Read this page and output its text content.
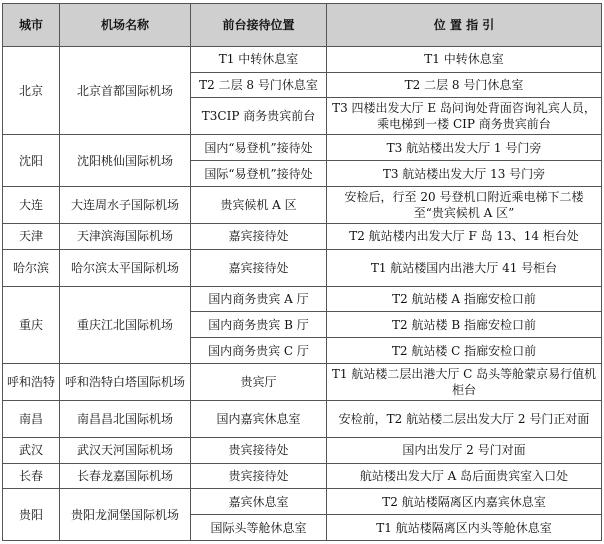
城市	机场名称	前台接待位置	位 置 指 引
北京	北京首都国际机场	T1 中转休息室	T1 中转休息室
		T2 二层 8 号门休息室	T2 二层 8 号门休息室
		T3CIP 商务贵宾前台	T3 四楼出发大厅 E 岛问询处背面咨询礼宾人员，乘电梯到一楼 CIP 商务贵宾前台
沈阳	沈阳桃仙国际机场	国内“易登机”接待处	T3 航站楼出发大厅 1 号门旁
		国际“易登机”接待处	T3 航站楼出发大厅 13 号门旁
大连	大连周水子国际机场	贵宾候机 A 区	安检后，行至 20 号登机口附近乘电梯下二楼至“贵宾候机 A 区”
天津	天津滨海国际机场	嘉宾接待处	T2 航站楼内出发大厅 F 岛 13、14 柜台处
哈尔滨	哈尔滨太平国际机场	嘉宾接待处	T1 航站楼国内出港大厅 41 号柜台
重庆	重庆江北国际机场	国内商务贵宾 A 厅	T2 航站楼 A 指廊安检口前
		国内商务贵宾 B 厅	T2 航站楼 B 指廊安检口前
		国内商务贵宾 C 厅	T2 航站楼 C 指廊安检口前
呼和浩特	呼和浩特白塔国际机场	贵宾厅	T1 航站楼二层出港大厅 C 岛头等舱蒙京易行值机柜台
南昌	南昌昌北国际机场	国内嘉宾休息室	安检前，T2 航站楼二层出发大厅 2 号门正对面
武汉	武汉天河国际机场	贵宾接待处	国内出发厅 2 号门对面
长春	长春龙嘉国际机场	贵宾接待处	航站楼出发大厅 A 岛后面贵宾室入口处
贵阳	贵阳龙洞堡国际机场	嘉宾休息室	T2 航站楼隔离区内嘉宾休息室
		国际头等舱休息室	T1 航站楼隔离区内头等舱休息室
